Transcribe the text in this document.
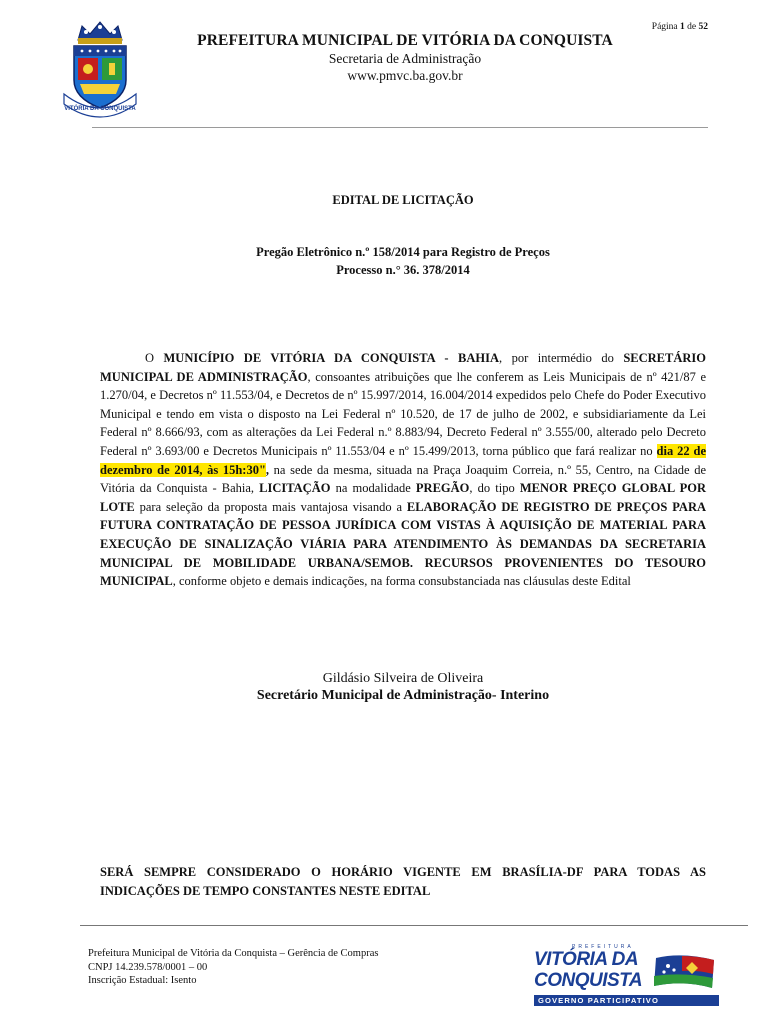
Página 1 de 52
VITÓRIA DA CONQUISTA
PREFEITURA MUNICIPAL DE VITÓRIA DA CONQUISTA
Secretaria de Administração
www.pmvc.ba.gov.br
EDITAL DE LICITAÇÃO
Pregão Eletrônico n.º 158/2014 para Registro de Preços
Processo n.° 36. 378/2014
O MUNICÍPIO DE VITÓRIA DA CONQUISTA - BAHIA, por intermédio do SECRETÁRIO MUNICIPAL DE ADMINISTRAÇÃO, consoantes atribuições que lhe conferem as Leis Municipais de nº 421/87 e 1.270/04, e Decretos nº 11.553/04, e Decretos de nº 15.997/2014, 16.004/2014 expedidos pelo Chefe do Poder Executivo Municipal e tendo em vista o disposto na Lei Federal nº 10.520, de 17 de julho de 2002, e subsidiariamente da Lei Federal nº 8.666/93, com as alterações da Lei Federal n.º 8.883/94, Decreto Federal nº 3.555/00, alterado pelo Decreto Federal nº 3.693/00 e Decretos Municipais nº 11.553/04 e nº 15.499/2013, torna público que fará realizar no dia 22 de dezembro de 2014, às 15h:30", na sede da mesma, situada na Praça Joaquim Correia, n.º 55, Centro, na Cidade de Vitória da Conquista - Bahia, LICITAÇÃO na modalidade PREGÃO, do tipo MENOR PREÇO GLOBAL POR LOTE para seleção da proposta mais vantajosa visando a ELABORAÇÃO DE REGISTRO DE PREÇOS PARA FUTURA CONTRATAÇÃO DE PESSOA JURÍDICA COM VISTAS À AQUISIÇÃO DE MATERIAL PARA EXECUÇÃO DE SINALIZAÇÃO VIÁRIA PARA ATENDIMENTO ÀS DEMANDAS DA SECRETARIA MUNICIPAL DE MOBILIDADE URBANA/SEMOB. RECURSOS PROVENIENTES DO TESOURO MUNICIPAL, conforme objeto e demais indicações, na forma consubstanciada nas cláusulas deste Edital
Gildásio Silveira de Oliveira
Secretário Municipal de Administração- Interino
SERÁ SEMPRE CONSIDERADO O HORÁRIO VIGENTE EM BRASÍLIA-DF PARA TODAS AS INDICAÇÕES DE TEMPO CONSTANTES NESTE EDITAL
Prefeitura Municipal de Vitória da Conquista – Gerência de Compras
CNPJ 14.239.578/0001 – 00
Inscrição Estadual: Isento
PREFEITURA
VITÓRIA DA
CONQUISTA
GOVERNO PARTICIPATIVO
